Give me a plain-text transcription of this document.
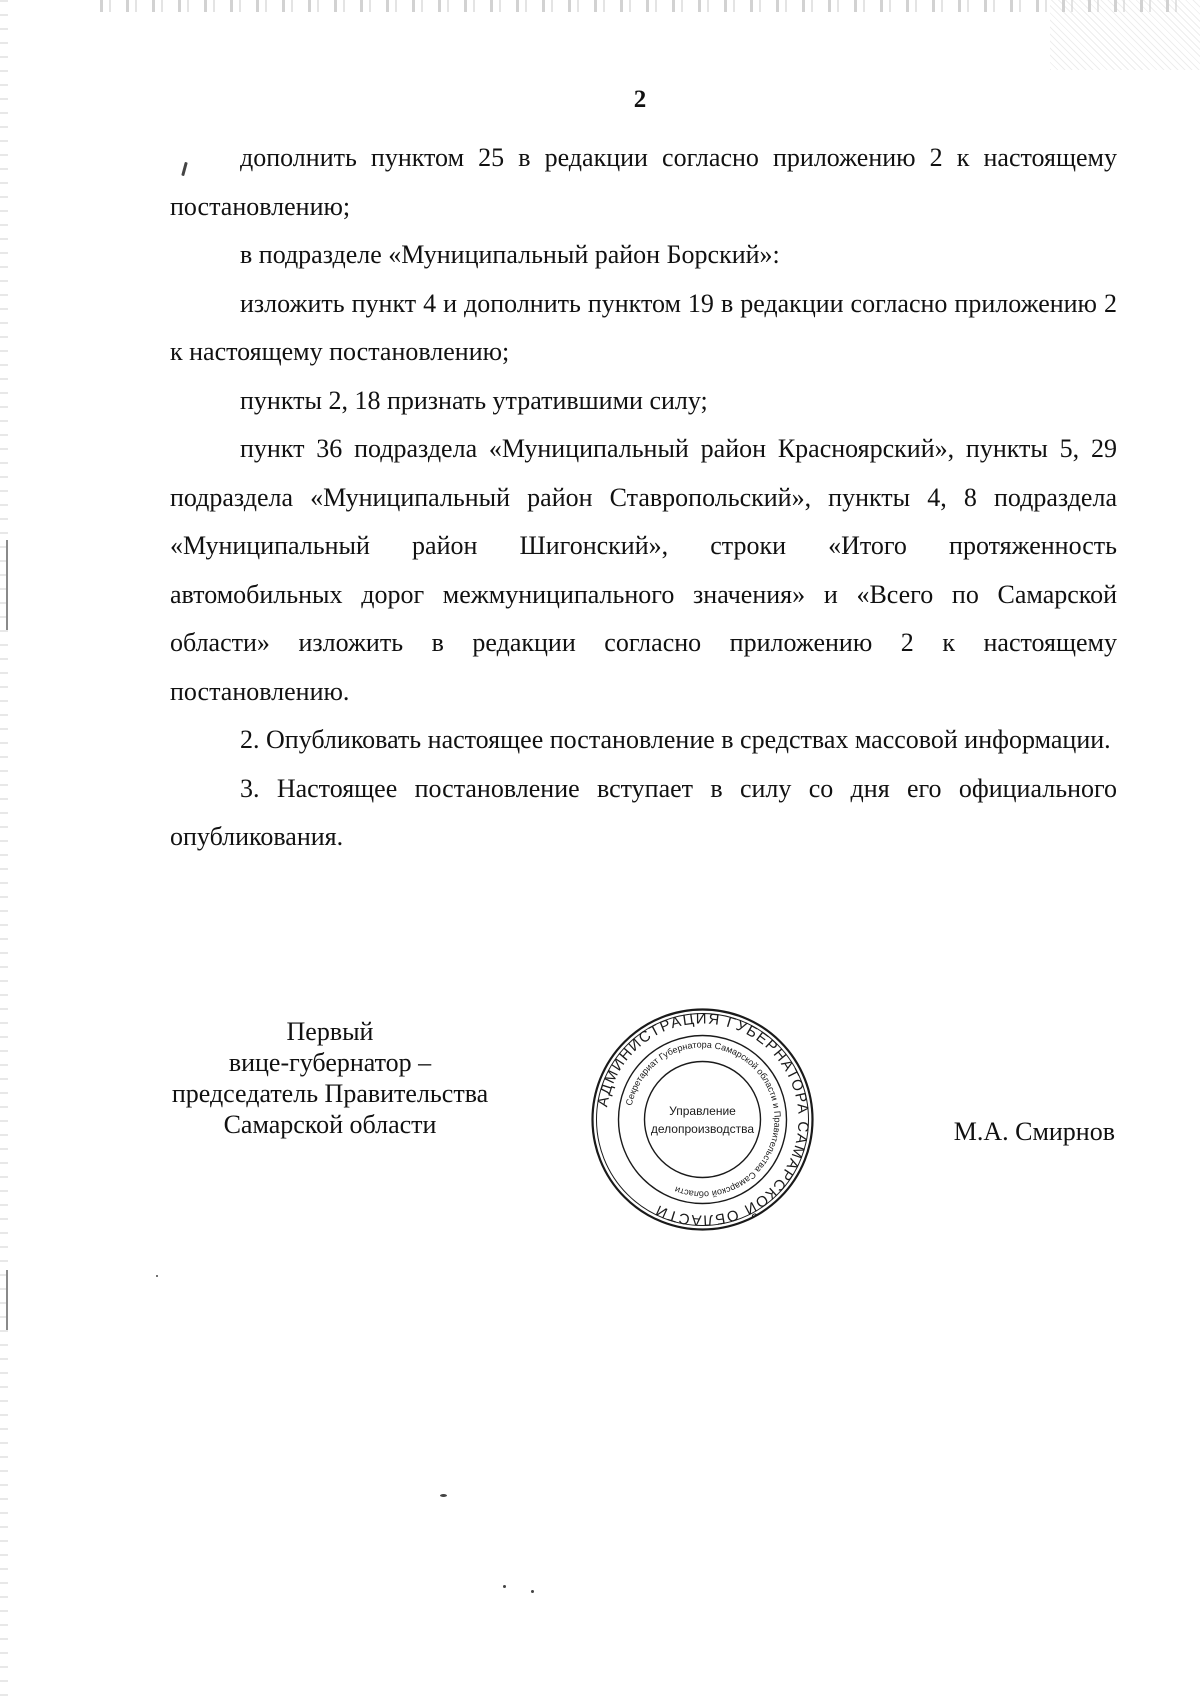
2

дополнить пунктом 25 в редакции согласно приложению 2 к настоящему постановлению;

в подразделе «Муниципальный район Борский»:

изложить пункт 4 и дополнить пунктом 19 в редакции согласно приложению 2 к настоящему постановлению;

пункты 2, 18 признать утратившими силу;

пункт 36 подраздела «Муниципальный район Красноярский», пункты 5, 29 подраздела «Муниципальный район Ставропольский», пункты 4, 8 подраздела «Муниципальный район Шигонский», строки «Итого протяженность автомобильных дорог межмуниципального значения» и «Всего по Самарской области» изложить в редакции согласно приложению 2 к настоящему постановлению.

2. Опубликовать настоящее постановление в средствах массовой информации.

3. Настоящее постановление вступает в силу со дня его официального опубликования.

Первый
вице-губернатор –
председатель Правительства
Самарской области
АДМИНИСТРАЦИЯ ГУБЕРНАТОРА САМАРСКОЙ ОБЛАСТИ
Секретариат Губернатора Самарской области и Правительства Самарской области
Управление
делопроизводства	М.А. Смирнов
